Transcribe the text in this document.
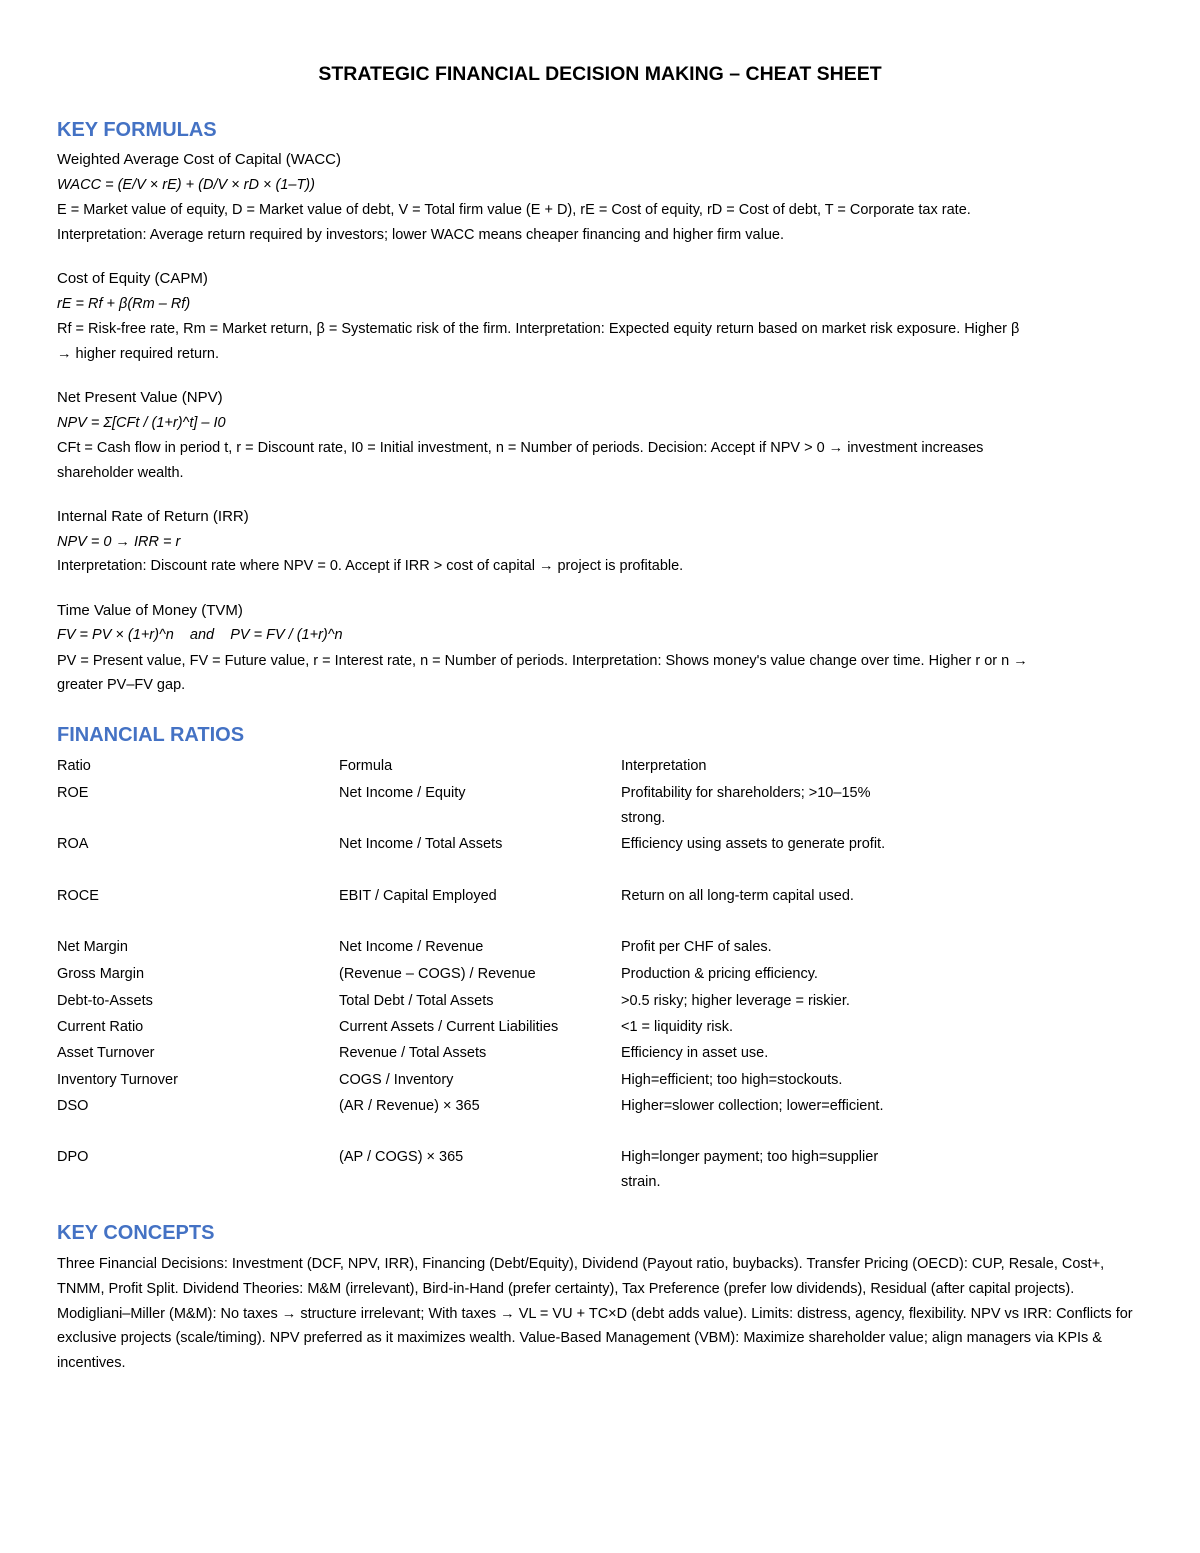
STRATEGIC FINANCIAL DECISION MAKING – CHEAT SHEET
KEY FORMULAS
Weighted Average Cost of Capital (WACC)
WACC = (E/V × rE) + (D/V × rD × (1–T))
E = Market value of equity, D = Market value of debt, V = Total firm value (E + D), rE = Cost of equity, rD = Cost of debt, T = Corporate tax rate.
Interpretation: Average return required by investors; lower WACC means cheaper financing and higher firm value.
Cost of Equity (CAPM)
rE = Rf + β(Rm – Rf)
Rf = Risk-free rate, Rm = Market return, β = Systematic risk of the firm. Interpretation: Expected equity return based on market risk exposure. Higher β
→ higher required return.
Net Present Value (NPV)
NPV = Σ[CFt / (1+r)^t] – I0
CFt = Cash flow in period t, r = Discount rate, I0 = Initial investment, n = Number of periods. Decision: Accept if NPV > 0 → investment increases
shareholder wealth.
Internal Rate of Return (IRR)
NPV = 0 → IRR = r
Interpretation: Discount rate where NPV = 0. Accept if IRR > cost of capital → project is profitable.
Time Value of Money (TVM)
FV = PV × (1+r)^n    and    PV = FV / (1+r)^n
PV = Present value, FV = Future value, r = Interest rate, n = Number of periods. Interpretation: Shows money's value change over time. Higher r or n →
greater PV–FV gap.
FINANCIAL RATIOS
Ratio	Formula	Interpretation
ROE	Net Income / Equity	Profitability for shareholders; >10–15% strong.
ROA	Net Income / Total Assets	Efficiency using assets to generate profit.
ROCE	EBIT / Capital Employed	Return on all long-term capital used.
Net Margin	Net Income / Revenue	Profit per CHF of sales.
Gross Margin	(Revenue – COGS) / Revenue	Production & pricing efficiency.
Debt-to-Assets	Total Debt / Total Assets	>0.5 risky; higher leverage = riskier.
Current Ratio	Current Assets / Current Liabilities	<1 = liquidity risk.
Asset Turnover	Revenue / Total Assets	Efficiency in asset use.
Inventory Turnover	COGS / Inventory	High=efficient; too high=stockouts.
DSO	(AR / Revenue) × 365	Higher=slower collection; lower=efficient.
DPO	(AP / COGS) × 365	High=longer payment; too high=supplier strain.
KEY CONCEPTS
Three Financial Decisions: Investment (DCF, NPV, IRR), Financing (Debt/Equity), Dividend (Payout ratio, buybacks). Transfer Pricing (OECD): CUP, Resale, Cost+, TNMM, Profit Split. Dividend Theories: M&M (irrelevant), Bird-in-Hand (prefer certainty), Tax Preference (prefer low dividends), Residual (after capital projects). Modigliani–Miller (M&M): No taxes → structure irrelevant; With taxes → VL = VU + TC×D (debt adds value). Limits: distress, agency, flexibility. NPV vs IRR: Conflicts for exclusive projects (scale/timing). NPV preferred as it maximizes wealth. Value-Based Management (VBM): Maximize shareholder value; align managers via KPIs & incentives.
